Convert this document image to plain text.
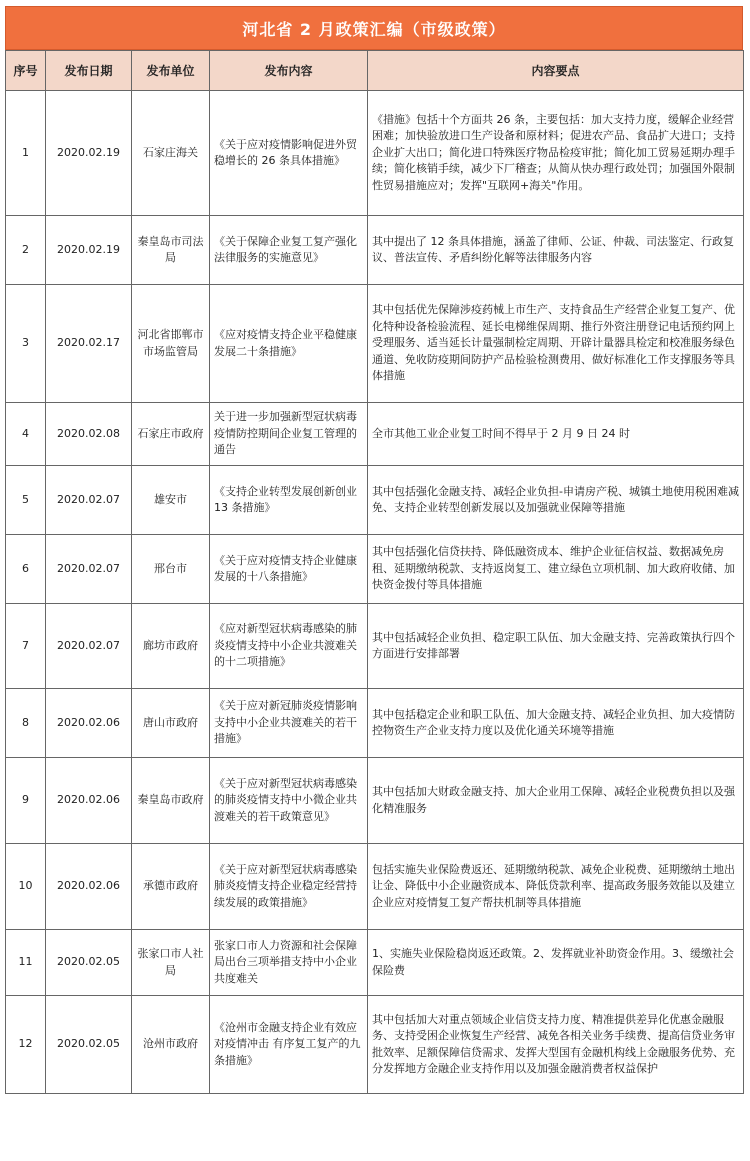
河北省 2 月政策汇编（市级政策）
序号	发布日期	发布单位	发布内容	内容要点
1	2020.02.19	石家庄海关	《关于应对疫情影响促进外贸稳增长的 26 条具体措施》	《措施》包括十个方面共 26 条，主要包括：加大支持力度，缓解企业经营困难；加快验放进口生产设备和原材料；促进农产品、食品扩大进口；支持企业扩大出口；简化进口特殊医疗物品检疫审批；简化加工贸易延期办理手续；简化核销手续，减少下厂稽查；从简从快办理行政处罚；加强国外限制性贸易措施应对；发挥"互联网+海关"作用。
2	2020.02.19	秦皇岛市司法局	《关于保障企业复工复产强化法律服务的实施意见》	其中提出了 12 条具体措施，涵盖了律师、公证、仲裁、司法鉴定、行政复议、普法宣传、矛盾纠纷化解等法律服务内容
3	2020.02.17	河北省邯郸市市场监管局	《应对疫情支持企业平稳健康发展二十条措施》	其中包括优先保障涉疫药械上市生产、支持食品生产经营企业复工复产、优化特种设备检验流程、延长电梯维保周期、推行外资注册登记电话预约网上受理服务、适当延长计量强制检定周期、开辟计量器具检定和校准服务绿色通道、免收防疫期间防护产品检验检测费用、做好标准化工作支撑服务等具体措施
4	2020.02.08	石家庄市政府	关于进一步加强新型冠状病毒疫情防控期间企业复工管理的通告	全市其他工业企业复工时间不得早于 2 月 9 日 24 时
5	2020.02.07	雄安市	《支持企业转型发展创新创业 13 条措施》	其中包括强化金融支持、减轻企业负担-申请房产税、城镇土地使用税困难减免、支持企业转型创新发展以及加强就业保障等措施
6	2020.02.07	邢台市	《关于应对疫情支持企业健康发展的十八条措施》	其中包括强化信贷扶持、降低融资成本、维护企业征信权益、数据减免房租、延期缴纳税款、支持返岗复工、建立绿色立项机制、加大政府收储、加快资金拨付等具体措施
7	2020.02.07	廊坊市政府	《应对新型冠状病毒感染的肺炎疫情支持中小企业共渡难关的十二项措施》	其中包括减轻企业负担、稳定职工队伍、加大金融支持、完善政策执行四个方面进行安排部署
8	2020.02.06	唐山市政府	《关于应对新冠肺炎疫情影响支持中小企业共渡难关的若干措施》	其中包括稳定企业和职工队伍、加大金融支持、减轻企业负担、加大疫情防控物资生产企业支持力度以及优化通关环境等措施
9	2020.02.06	秦皇岛市政府	《关于应对新型冠状病毒感染的肺炎疫情支持中小微企业共渡难关的若干政策意见》	其中包括加大财政金融支持、加大企业用工保障、减轻企业税费负担以及强化精准服务
10	2020.02.06	承德市政府	《关于应对新型冠状病毒感染肺炎疫情支持企业稳定经营持续发展的政策措施》	包括实施失业保险费返还、延期缴纳税款、减免企业税费、延期缴纳土地出让金、降低中小企业融资成本、降低贷款利率、提高政务服务效能以及建立企业应对疫情复工复产帮扶机制等具体措施
11	2020.02.05	张家口市人社局	张家口市人力资源和社会保障局出台三项举措支持中小企业共度难关	1、实施失业保险稳岗返还政策。2、发挥就业补助资金作用。3、缓缴社会保险费
12	2020.02.05	沧州市政府	《沧州市金融支持企业有效应对疫情冲击 有序复工复产的九条措施》	其中包括加大对重点领域企业信贷支持力度、精准提供差异化优惠金融服务、支持受困企业恢复生产经营、减免各相关业务手续费、提高信贷业务审批效率、足额保障信贷需求、发挥大型国有金融机构线上金融服务优势、充分发挥地方金融企业支持作用以及加强金融消费者权益保护
